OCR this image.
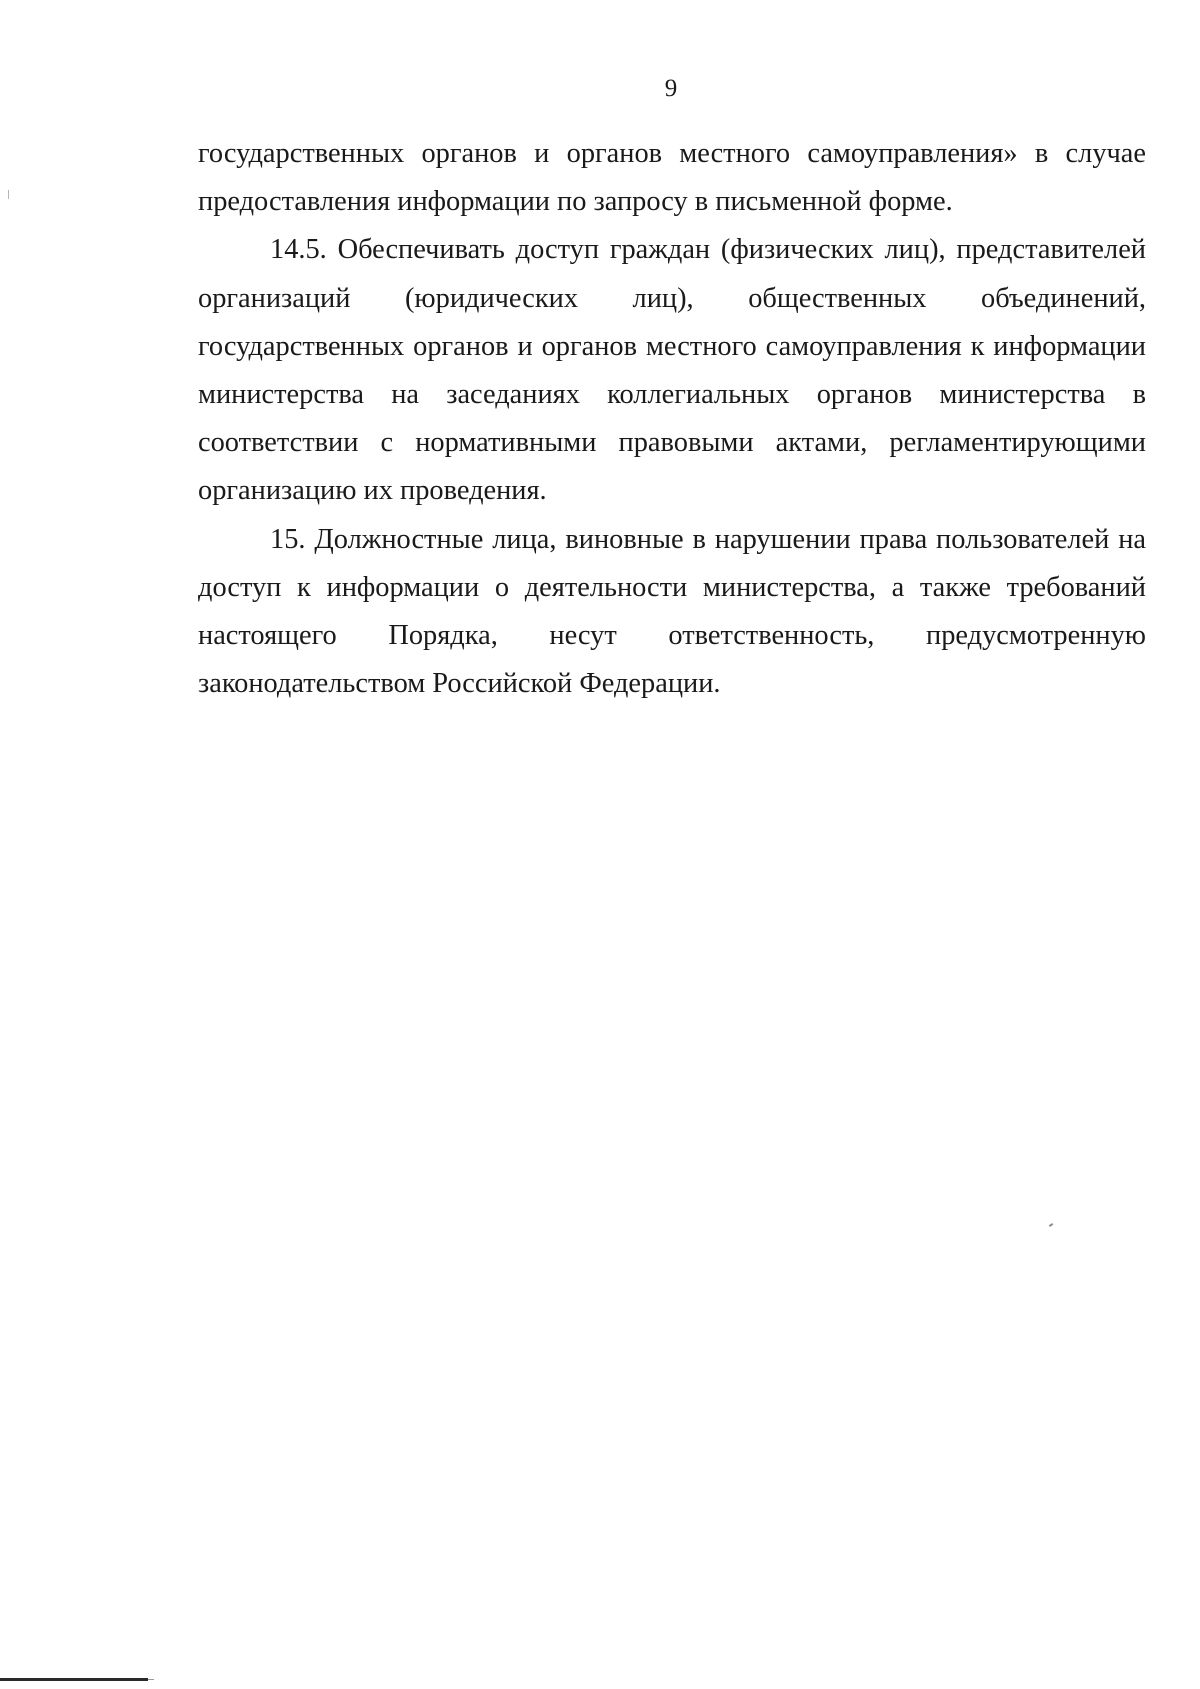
9

государственных органов и органов местного самоуправления» в случае предоставления информации по запросу в письменной форме.

14.5. Обеспечивать доступ граждан (физических лиц), представителей организаций (юридических лиц), общественных объединений, государственных органов и органов местного самоуправления к информации министерства на заседаниях коллегиальных органов министерства в соответствии с нормативными правовыми актами, регламентирующими организацию их проведения.

15. Должностные лица, виновные в нарушении права пользователей на доступ к информации о деятельности министерства, а также требований настоящего Порядка, несут ответственность, предусмотренную законодательством Российской Федерации.
